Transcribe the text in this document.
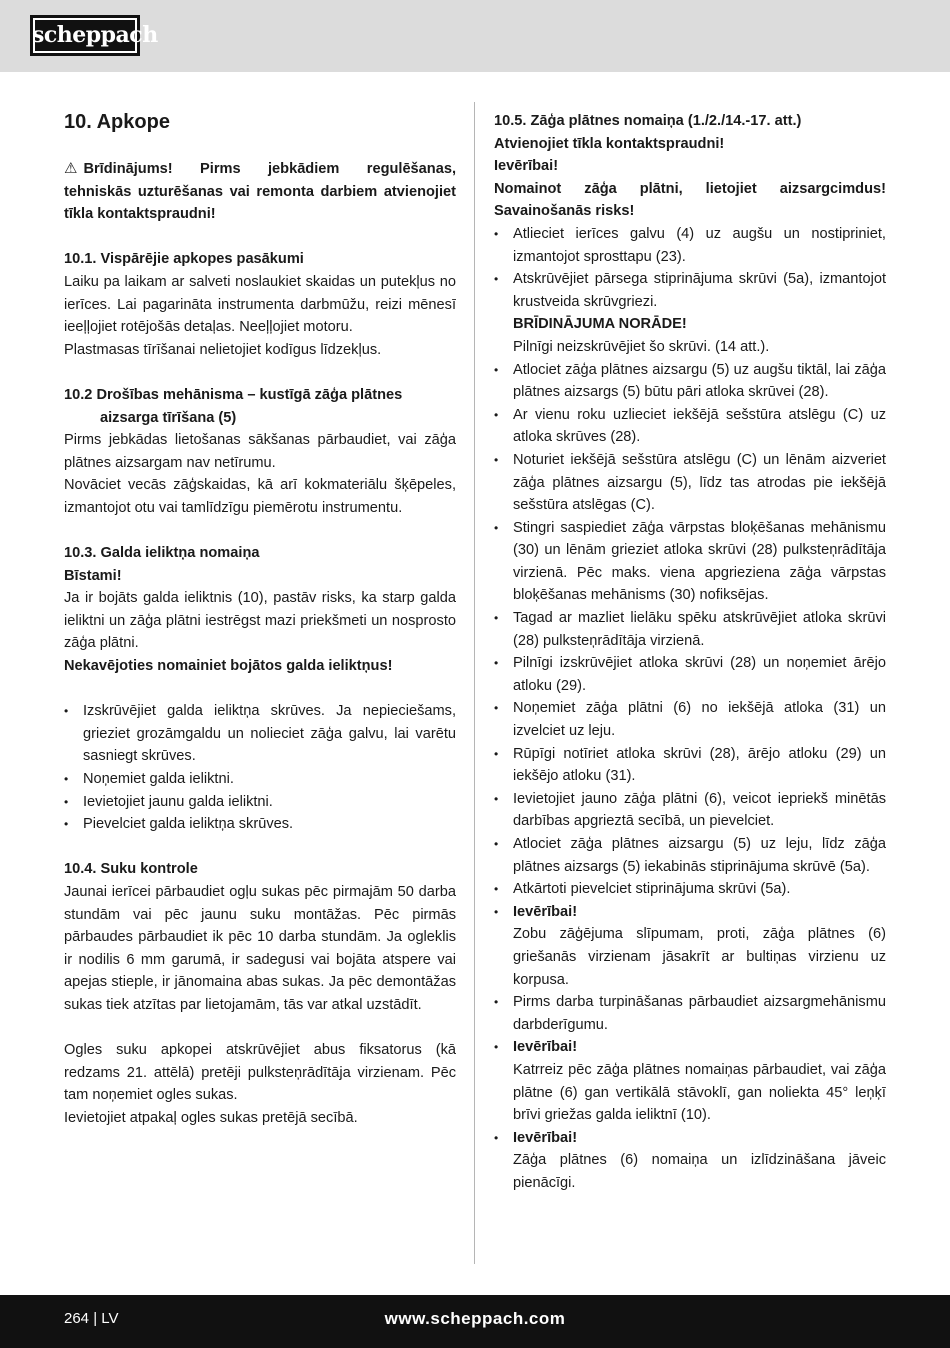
scheppach
10. Apkope

⚠ Brīdinājums! Pirms jebkādiem regulēšanas, tehniskās uzturēšanas vai remonta darbiem atvienojiet tīkla kontaktspraudni!

10.1. Vispārējie apkopes pasākumi

Laiku pa laikam ar salveti noslaukiet skaidas un putekļus no ierīces. Lai pagarināta instrumenta darbmūžu, reizi mēnesī ieeļļojiet rotējošās detaļas. Neeļļojiet motoru.

Plastmasas tīrīšanai nelietojiet kodīgus līdzekļus.

10.2 Drošības mehānisma – kustīgā zāģa plātnes
aizsarga tīrīšana (5)

Pirms jebkādas lietošanas sākšanas pārbaudiet, vai zāģa plātnes aizsargam nav netīrumu.

Novāciet vecās zāģskaidas, kā arī kokmateriālu šķēpeles, izmantojot otu vai tamlīdzīgu piemērotu instrumentu.

10.3. Galda ieliktņa nomaiņa

Bīstami!

Ja ir bojāts galda ieliktnis (10), pastāv risks, ka starp galda ieliktni un zāģa plātni iestrēgst mazi priekšmeti un nosprosto zāģa plātni.

Nekavējoties nomainiet bojātos galda ieliktņus!

• Izskrūvējiet galda ieliktņa skrūves. Ja nepieciešams, grieziet grozāmgaldu un nolieciet zāģa galvu, lai varētu sasniegt skrūves.
• Noņemiet galda ieliktni.
• Ievietojiet jaunu galda ieliktni.
• Pievelciet galda ieliktņa skrūves.

10.4. Suku kontrole

Jaunai ierīcei pārbaudiet ogļu sukas pēc pirmajām 50 darba stundām vai pēc jaunu suku montāžas. Pēc pirmās pārbaudes pārbaudiet ik pēc 10 darba stundām. Ja ogleklis ir nodilis 6 mm garumā, ir sadegusi vai bojāta atspere vai apejas stieple, ir jānomaina abas sukas. Ja pēc demontāžas sukas tiek atzītas par lietojamām, tās var atkal uzstādīt.

Ogles suku apkopei atskrūvējiet abus fiksatorus (kā redzams 21. attēlā) pretēji pulksteņrādītāja virzienam. Pēc tam noņemiet ogles sukas.

Ievietojiet atpakaļ ogles sukas pretējā secībā.

10.5. Zāģa plātnes nomaiņa (1./2./14.-17. att.)

Atvienojiet tīkla kontaktspraudni!

Ievērībai!

Nomainot zāģa plātni, lietojiet aizsargcimdus! Savainošanās risks!

• Atlieciet ierīces galvu (4) uz augšu un nostipriniet, izmantojot sprosttapu (23).
• Atskrūvējiet pārsega stiprinājuma skrūvi (5a), izmantojot krustveida skrūvgriezi.
BRĪDINĀJUMA NORĀDE!
Pilnīgi neizskrūvējiet šo skrūvi. (14 att.).
• Atlociet zāģa plātnes aizsargu (5) uz augšu tiktāl, lai zāģa plātnes aizsargs (5) būtu pāri atloka skrūvei (28).
• Ar vienu roku uzlieciet iekšējā sešstūra atslēgu (C) uz atloka skrūves (28).
• Noturiet iekšējā sešstūra atslēgu (C) un lēnām aizveriet zāģa plātnes aizsargu (5), līdz tas atrodas pie iekšējā sešstūra atslēgas (C).
• Stingri saspiediet zāģa vārpstas bloķēšanas mehānismu (30) un lēnām grieziet atloka skrūvi (28) pulksteņrādītāja virzienā. Pēc maks. viena apgrieziena zāģa vārpstas bloķēšanas mehānisms (30) nofiksējas.
• Tagad ar mazliet lielāku spēku atskrūvējiet atloka skrūvi (28) pulksteņrādītāja virzienā.
• Pilnīgi izskrūvējiet atloka skrūvi (28) un noņemiet ārējo atloku (29).
• Noņemiet zāģa plātni (6) no iekšējā atloka (31) un izvelciet uz leju.
• Rūpīgi notīriet atloka skrūvi (28), ārējo atloku (29) un iekšējo atloku (31).
• Ievietojiet jauno zāģa plātni (6), veicot iepriekš minētās darbības apgrieztā secībā, un pievelciet.
• Atlociet zāģa plātnes aizsargu (5) uz leju, līdz zāģa plātnes aizsargs (5) iekabinās stiprinājuma skrūvē (5a).
• Atkārtoti pievelciet stiprinājuma skrūvi (5a).
• Ievērībai!
Zobu zāģējuma slīpumam, proti, zāģa plātnes (6) griešanās virzienam jāsakrīt ar bultiņas virzienu uz korpusa.
• Pirms darba turpināšanas pārbaudiet aizsargmehānismu darbderīgumu.
• Ievērībai!
Katrreiz pēc zāģa plātnes nomaiņas pārbaudiet, vai zāģa plātne (6) gan vertikālā stāvoklī, gan noliekta 45° leņķī brīvi griežas galda ieliktnī (10).
• Ievērībai!
Zāģa plātnes (6) nomaiņa un izlīdzināšana jāveic pienācīgi.
264 | LV	www.scheppach.com
